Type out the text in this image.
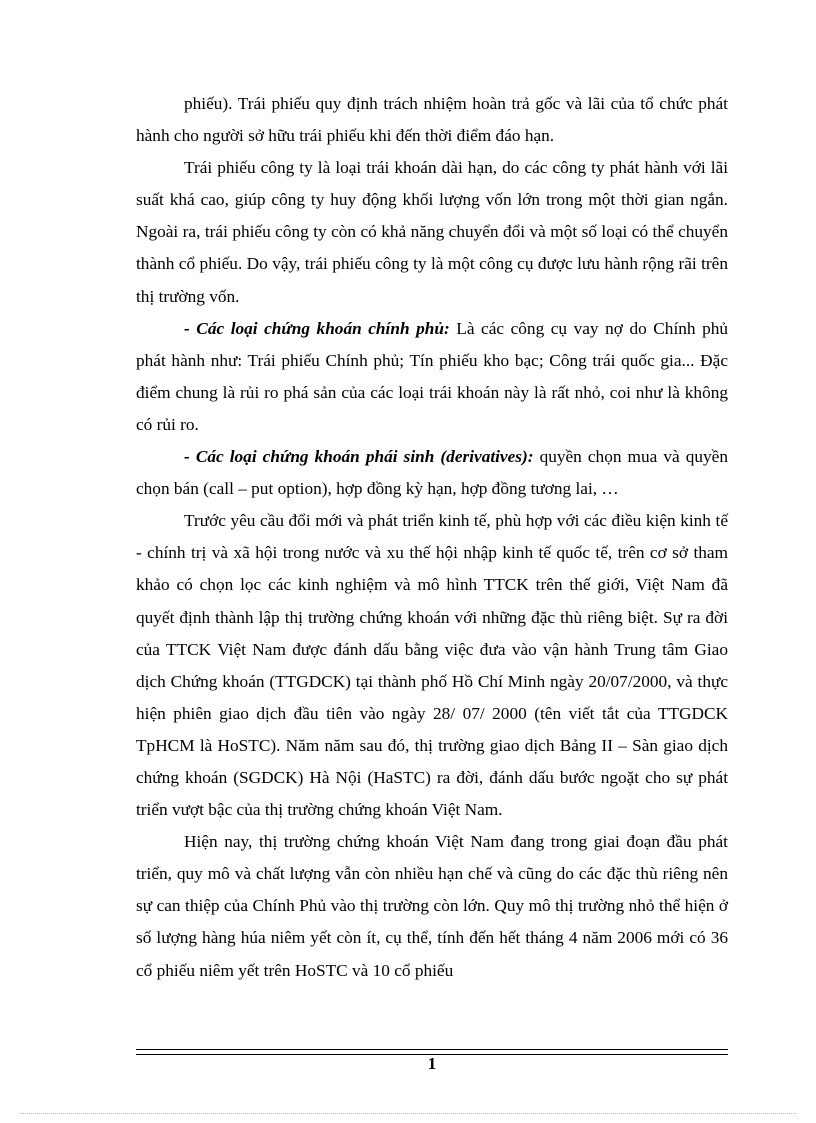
phiếu). Trái phiếu quy định trách nhiệm hoàn trả gốc và lãi của tổ chức phát hành cho người sở hữu trái phiếu khi đến thời điểm đáo hạn.

Trái phiếu công ty là loại trái khoán dài hạn, do các công ty phát hành với lãi suất khá cao, giúp công ty huy động khối lượng vốn lớn trong một thời gian ngắn. Ngoài ra, trái phiếu công ty còn có khả năng chuyển đổi và một số loại có thể chuyển thành cổ phiếu. Do vậy, trái phiếu công ty là một công cụ được lưu hành rộng rãi trên thị trường vốn.

- Các loại chứng khoán chính phủ: Là các công cụ vay nợ do Chính phủ phát hành như: Trái phiếu Chính phủ; Tín phiếu kho bạc; Công trái quốc gia... Đặc điểm chung là rủi ro phá sản của các loại trái khoán này là rất nhỏ, coi như là không có rủi ro.

- Các loại chứng khoán phái sinh (derivatives): quyền chọn mua và quyền chọn bán (call – put option), hợp đồng kỳ hạn, hợp đồng tương lai, …

Trước yêu cầu đổi mới và phát triển kinh tế, phù hợp với các điều kiện kinh tế - chính trị và xã hội trong nước và xu thế hội nhập kinh tế quốc tế, trên cơ sở tham khảo có chọn lọc các kinh nghiệm và mô hình TTCK trên thế giới, Việt Nam đã quyết định thành lập thị trường chứng khoán với những đặc thù riêng biệt. Sự ra đời của TTCK Việt Nam được đánh dấu bằng việc đưa vào vận hành Trung tâm Giao dịch Chứng khoán (TTGDCK) tại thành phố Hồ Chí Minh ngày 20/07/2000, và thực hiện phiên giao dịch đầu tiên vào ngày 28/ 07/ 2000 (tên viết tắt của TTGDCK TpHCM là HoSTC). Năm năm sau đó, thị trường giao dịch Bảng II – Sàn giao dịch chứng khoán (SGDCK) Hà Nội (HaSTC) ra đời, đánh dấu bước ngoặt cho sự phát triển vượt bậc của thị trường chứng khoán Việt Nam.

Hiện nay, thị trường chứng khoán Việt Nam đang trong giai đoạn đầu phát triển, quy mô và chất lượng vẫn còn nhiều hạn chế và cũng do các đặc thù riêng nên sự can thiệp của Chính Phủ vào thị trường còn lớn. Quy mô thị trường nhỏ thể hiện ở số lượng hàng húa niêm yết còn ít, cụ thể, tính đến hết tháng 4 năm 2006 mới có 36 cổ phiếu niêm yết trên HoSTC và 10 cổ phiếu

1
